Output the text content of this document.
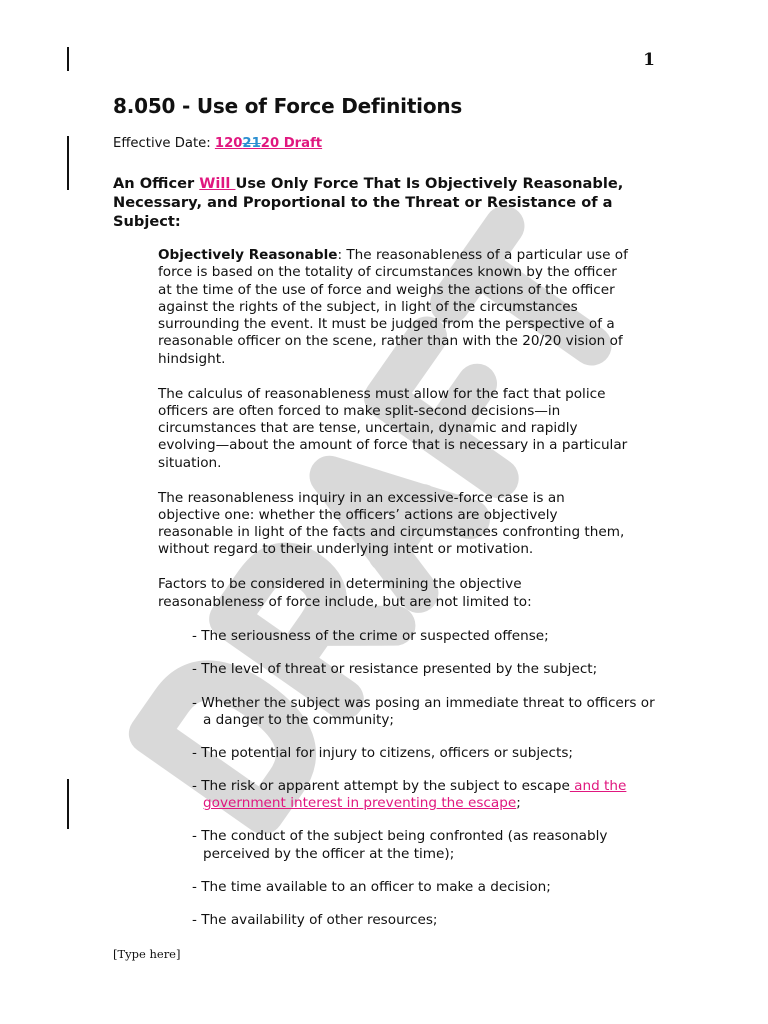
1
8.050 - Use of Force Definitions
Effective Date: 1202120 Draft
An Officer Will Use Only Force That Is Objectively Reasonable, Necessary, and Proportional to the Threat or Resistance of a Subject:

Objectively Reasonable: The reasonableness of a particular use of force is based on the totality of circumstances known by the officer at the time of the use of force and weighs the actions of the officer against the rights of the subject, in light of the circumstances surrounding the event. It must be judged from the perspective of a reasonable officer on the scene, rather than with the 20/20 vision of hindsight.

The calculus of reasonableness must allow for the fact that police officers are often forced to make split-second decisions—in circumstances that are tense, uncertain, dynamic and rapidly evolving—about the amount of force that is necessary in a particular situation.

The reasonableness inquiry in an excessive-force case is an objective one: whether the officers’ actions are objectively reasonable in light of the facts and circumstances confronting them, without regard to their underlying intent or motivation.

Factors to be considered in determining the objective reasonableness of force include, but are not limited to:

- The seriousness of the crime or suspected offense;
- The level of threat or resistance presented by the subject;
- Whether the subject was posing an immediate threat to officers or a danger to the community;
- The potential for injury to citizens, officers or subjects;
- The risk or apparent attempt by the subject to escape and the government interest in preventing the escape;
- The conduct of the subject being confronted (as reasonably perceived by the officer at the time);
- The time available to an officer to make a decision;
- The availability of other resources;
[Type here]
